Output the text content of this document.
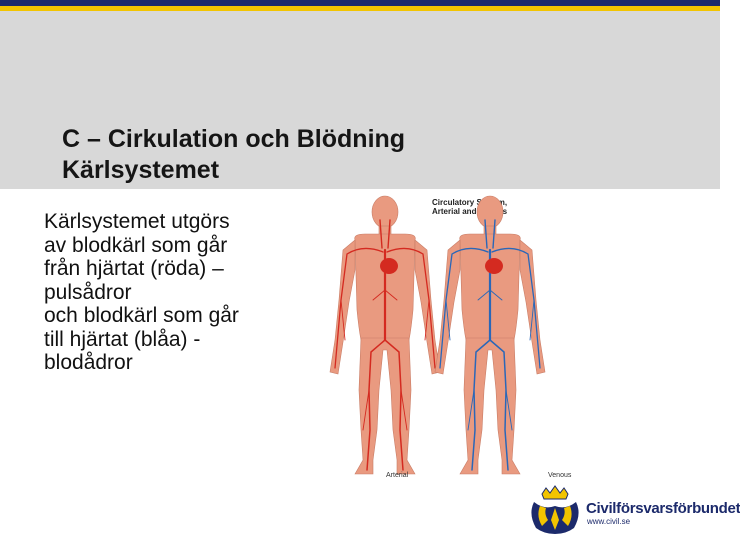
C – Cirkulation och Blödning
Kärlsystemet
Kärlsystemet utgörs
av blodkärl som går
från hjärtat (röda) –
pulsådror
och blodkärl som går
till hjärtat (blåa) -
blodådror
Circulatory System,
Arterial and Venous
Arterial	Venous
Civilförsvarsförbundet
www.civil.se
